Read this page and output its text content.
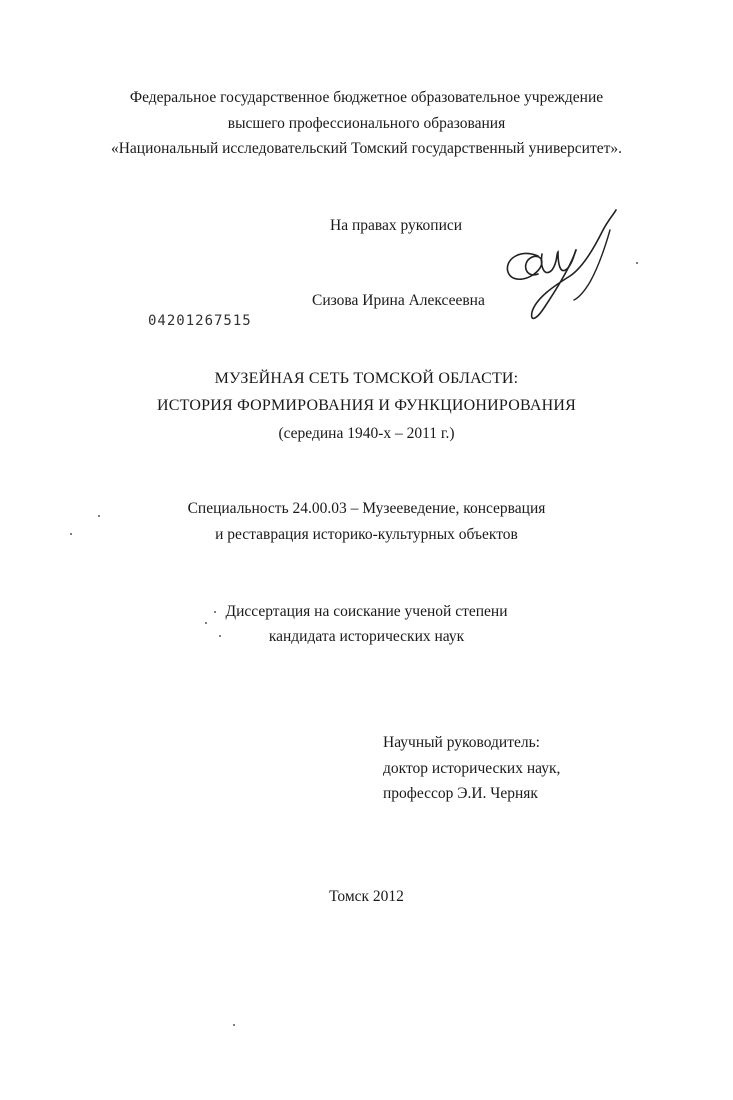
Федеральное государственное бюджетное образовательное учреждение
высшего профессионального образования
«Национальный исследовательский Томский государственный университет».
На правах рукописи
Сизова Ирина Алексеевна
04201267515
МУЗЕЙНАЯ СЕТЬ ТОМСКОЙ ОБЛАСТИ:
ИСТОРИЯ ФОРМИРОВАНИЯ И ФУНКЦИОНИРОВАНИЯ
(середина 1940-х – 2011 г.)
Специальность 24.00.03 – Музееведение, консервация
и реставрация историко-культурных объектов
Диссертация на соискание ученой степени
кандидата исторических наук
Научный руководитель:
доктор исторических наук,
профессор Э.И. Черняк
Томск 2012
